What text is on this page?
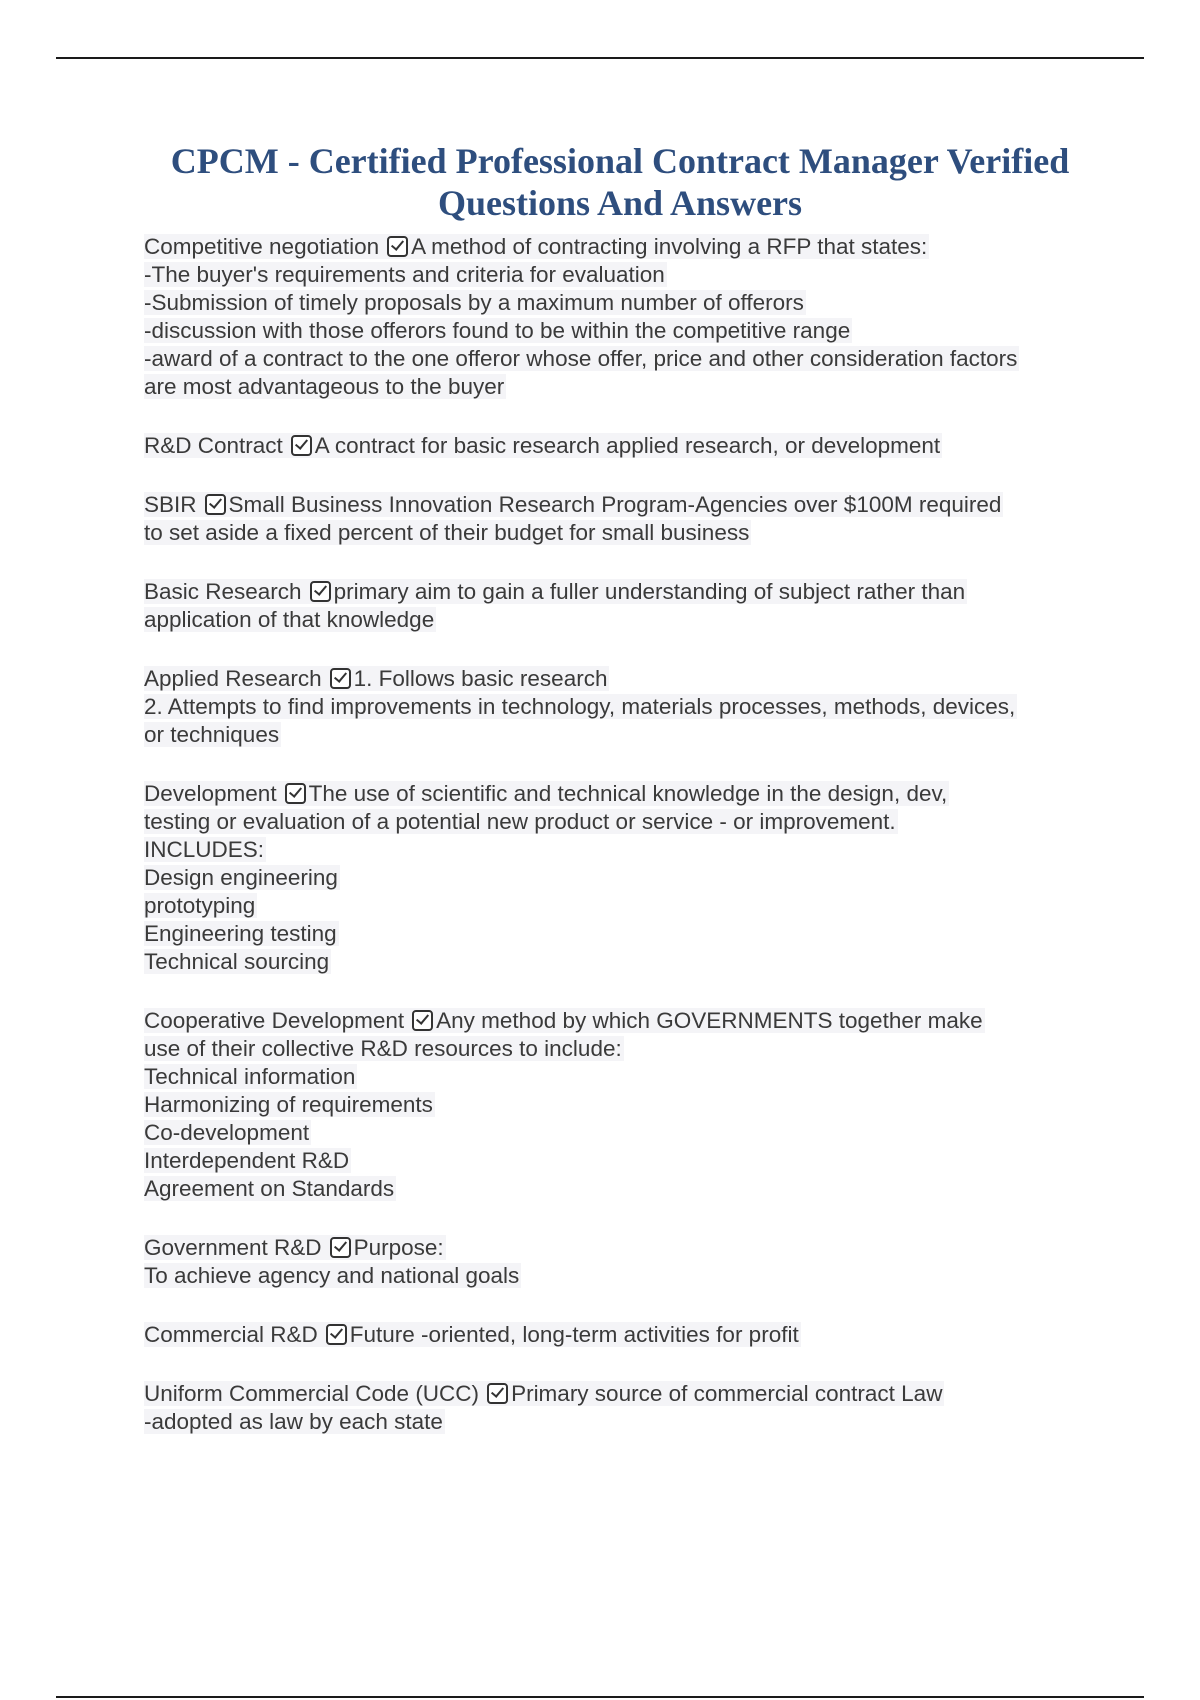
CPCM - Certified Professional Contract Manager Verified
Questions And Answers
Competitive negotiation A method of contracting involving a RFP that states:
-The buyer's requirements and criteria for evaluation
-Submission of timely proposals by a maximum number of offerors
-discussion with those offerors found to be within the competitive range
-award of a contract to the one offeror whose offer, price and other consideration factors
are most advantageous to the buyer
R&D Contract A contract for basic research applied research, or development
SBIR Small Business Innovation Research Program-Agencies over $100M required
to set aside a fixed percent of their budget for small business
Basic Research primary aim to gain a fuller understanding of subject rather than
application of that knowledge
Applied Research 1. Follows basic research
2. Attempts to find improvements in technology, materials processes, methods, devices,
or techniques
Development The use of scientific and technical knowledge in the design, dev,
testing or evaluation of a potential new product or service - or improvement.
INCLUDES:
Design engineering
prototyping
Engineering testing
Technical sourcing
Cooperative Development Any method by which GOVERNMENTS together make
use of their collective R&D resources to include:
Technical information
Harmonizing of requirements
Co-development
Interdependent R&D
Agreement on Standards
Government R&D Purpose:
To achieve agency and national goals
Commercial R&D Future -oriented, long-term activities for profit
Uniform Commercial Code (UCC) Primary source of commercial contract Law
-adopted as law by each state
